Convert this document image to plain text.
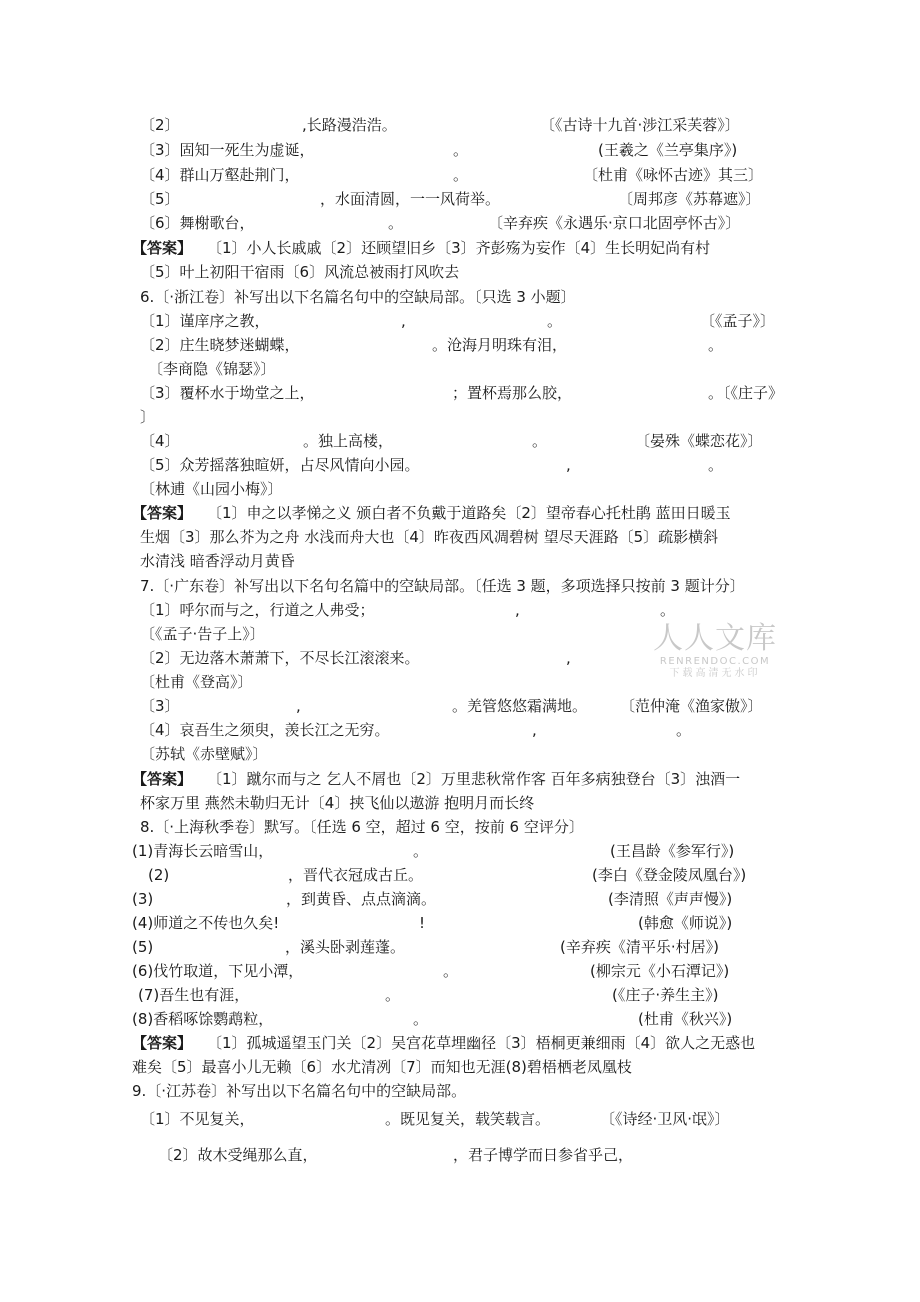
〔2〕	,长路漫浩浩。	〔《古诗十九首·涉江采芙蓉》〕
〔3〕固知一死生为虚诞，	。	(王羲之《兰亭集序》)
〔4〕群山万壑赴荆门，	。	〔杜甫《咏怀古迹》其三〕
〔5〕	，水面清圆，一一风荷举。	〔周邦彦《苏幕遮》〕
〔6〕舞榭歌台，	。	〔辛弃疾《永遇乐·京口北固亭怀古》〕
【答案】 〔1〕小人长戚戚〔2〕还顾望旧乡〔3〕齐彭殇为妄作〔4〕生长明妃尚有村
〔5〕叶上初阳干宿雨〔6〕风流总被雨打风吹去
6.〔·浙江卷〕补写出以下名篇名句中的空缺局部。〔只选 3 小题〕
〔1〕谨庠序之教，	,	。	〔《孟子》〕
〔2〕庄生晓梦迷蝴蝶，	。沧海月明珠有泪，	。
〔李商隐《锦瑟》〕
〔3〕覆杯水于坳堂之上，	；置杯焉那么胶，	。〔《庄子》
〕
〔4〕	。独上高楼，	。	〔晏殊《蝶恋花》〕
〔5〕众芳摇落独暄妍，占尽风情向小园。	,	。
〔林逋《山园小梅》〕
【答案】 〔1〕申之以孝悌之义 颁白者不负戴于道路矣〔2〕望帝春心托杜鹃 蓝田日暖玉
生烟〔3〕那么芥为之舟 水浅而舟大也〔4〕昨夜西风凋碧树 望尽天涯路〔5〕疏影横斜
水清浅 暗香浮动月黄昏
7.〔·广东卷〕补写出以下名句名篇中的空缺局部。〔任选 3 题，多项选择只按前 3 题计分〕
〔1〕呼尔而与之，行道之人弗受；	,	。
〔《孟子·告子上》〕
〔2〕无边落木萧萧下，不尽长江滚滚来。	,
〔杜甫《登高》〕
〔3〕	,	。羌管悠悠霜满地。 〔范仲淹《渔家傲》〕
〔4〕哀吾生之须臾，羡长江之无穷。	,	。
〔苏轼《赤壁赋》〕
【答案】 〔1〕蹴尔而与之 乞人不屑也〔2〕万里悲秋常作客 百年多病独登台〔3〕浊酒一
杯家万里 燕然未勒归无计〔4〕挟飞仙以遨游 抱明月而长终
8.〔·上海秋季卷〕默写。〔任选 6 空，超过 6 空，按前 6 空评分〕
(1)青海长云暗雪山，	。	(王昌龄《参军行》)
(2)	，晋代衣冠成古丘。	(李白《登金陵凤凰台》)
(3)	，到黄昏、点点滴滴。	(李清照《声声慢》)
(4)师道之不传也久矣!	!	(韩愈《师说》)
(5)	，溪头卧剥莲蓬。	(辛弃疾《清平乐·村居》)
(6)伐竹取道，下见小潭，	。	(柳宗元《小石潭记》)
(7)吾生也有涯，	。	(《庄子·养生主》)
(8)香稻啄馀鹦鹉粒，	。	(杜甫《秋兴》)
【答案】 〔1〕孤城遥望玉门关〔2〕吴宫花草埋幽径〔3〕梧桐更兼细雨〔4〕欲人之无惑也
难矣〔5〕最喜小儿无赖〔6〕水尤清冽〔7〕而知也无涯(8)碧梧栖老凤凰枝
9.〔·江苏卷〕补写出以下名篇名句中的空缺局部。
〔1〕不见复关，	。既见复关，载笑载言。	〔《诗经·卫风·氓》〕
〔2〕故木受绳那么直，	，君子博学而日参省乎己，
人人文库
RENRENDOC.COM
下载高清无水印
